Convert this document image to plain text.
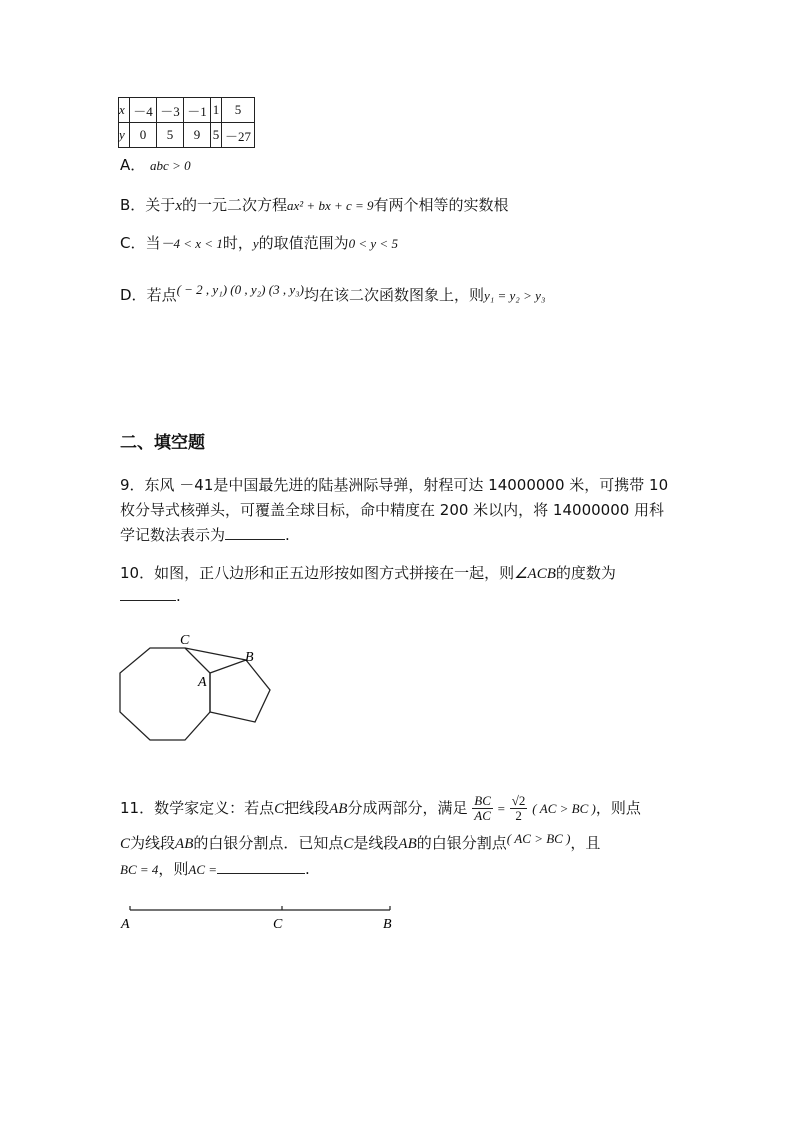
x	－4	－3	－1	1	5
y	0	5	9	5	－27
A． abc > 0
B．关于x的一元二次方程ax² + bx + c = 9有两个相等的实数根
C．当－4 < x < 1时，y的取值范围为0 < y < 5
D．若点( − 2 , y₁) (0 , y₂) (3 , y₃)均在该二次函数图象上，则y₁ = y₂ > y₃
二、填空题
9．东风 －41是中国最先进的陆基洲际导弹，射程可达 14000000 米，可携带 10
枚分导式核弹头，可覆盖全球目标，命中精度在 200 米以内，将 14000000 用科
学记数法表示为	.
10．如图，正八边形和正五边形按如图方式拼接在一起，则∠ACB的度数为
.
C
B
A
11．数学家定义：若点C把线段AB分成两部分，满足 $\frac{BC}{AC} = \frac{√2}{2}$ ( AC > BC )，则点
C为线段AB的白银分割点．已知点C是线段AB的白银分割点( AC > BC )，且
BC = 4，则AC =	.
A	C	B
